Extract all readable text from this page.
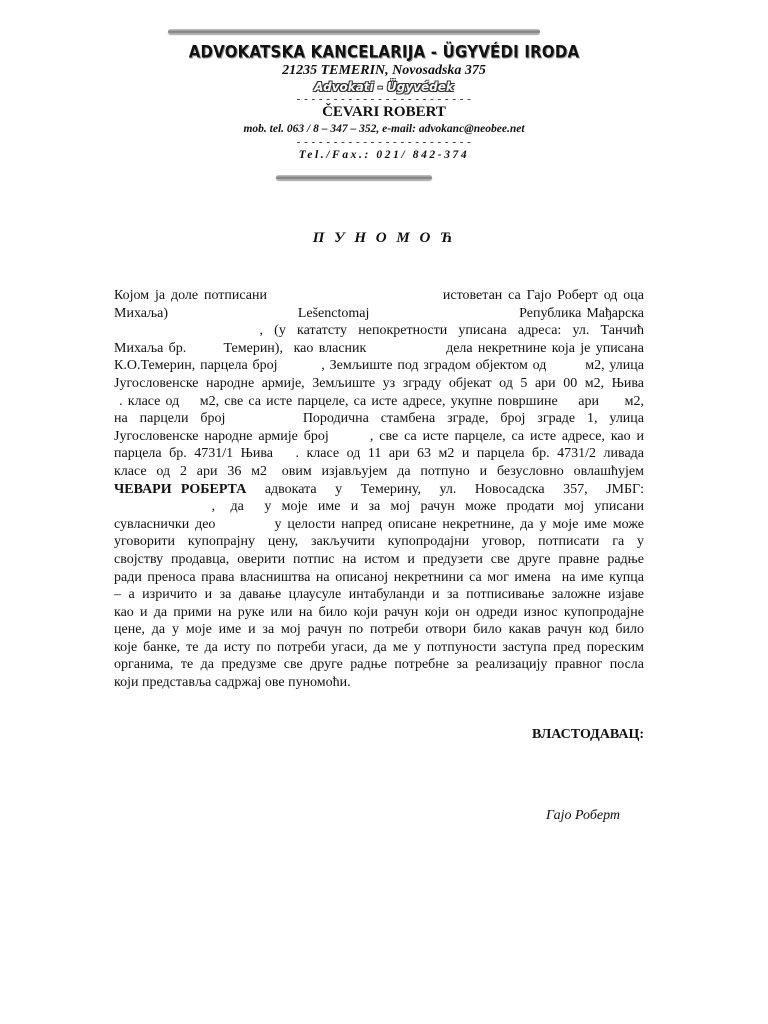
ADVOKATSKA KANCELARIJA - ÜGYVÉDI IRODA
21235 TEMERIN, Novosadska 375
Advokati - Ügyvédek
- - - - - - - - - - - - - - - - - - - - - - - -
ČEVARI ROBERT
mob. tel. 063 / 8 – 347 – 352, e-mail: advokanc@neobee.net
- - - - - - - - - - - - - - - - - - - - - - - -
Tel./Fax.: 021/ 842-374
П У Н О М О Ћ
Којом ја доле потписани                              истоветан са Гајо Роберт од оца
Михаља)                          Lešenctomaj                              Република Мађарска
, (у кататсту непокретности уписана адреса: ул. Танчић
Михаља бр.       Темерин),  као власник               дела некретнине која је уписана
К.О.Темерин, парцела број         , Земљиште под зградом објектом од        м2, улица
Југословенске народне армије, Земљиште уз зграду објекат од 5 ари 00 м2, Њива
. класе од    м2, све са исте парцеле, са исте адресе, укупне површине    ари     м2,
на  парцели  број             Породична  стамбена  зграде,  број  зграде  1,  улица
Југословенске народне армије број       , све са исте парцеле, са исте адресе, као и
парцела бр. 4731/1 Њива   . класе од 11 ари 63 м2 и парцела бр. 4731/2 ливада
класе  од  2  ари  36  м2   овим  изјављујем  да  потпуно  и  безусловно  овлашћујем
ЧЕВАРИ РОБЕРТА  адвоката  у  Темерину,  ул.  Новосадска  357,  ЈМБГ:
,   да    у  моје  име  и  за  мој  рачун  може  продати  мој  уписани
сувласнички део          у целости напред описане некретнине, да у моје име може
уговорити  купопрајну  цену,  закључити  купопродајни  уговор,  потписати  га  у
својству продавца, оверити потпис на истом и предузети све друге правне радње
ради преноса права власништва на описаној некретнини са мог имена  на име купца
– а изричито и за давање цлаусуле интабуланди и за потписивање заложне изјаве
као и да прими на руке или на било који рачун који он одреди износ купопродајне
цене, да у моје име и за мој рачун по потреби отвори било какав рачун код било
које банке, те да исту по потреби угаси, да ме у потпуности заступа пред пореским
органима, те да предузме све друге радње потребне за реализацију правног посла
који представља садржај ове пуномоћи.
ВЛАСТОДАВАЦ:
Гајо Роберт
